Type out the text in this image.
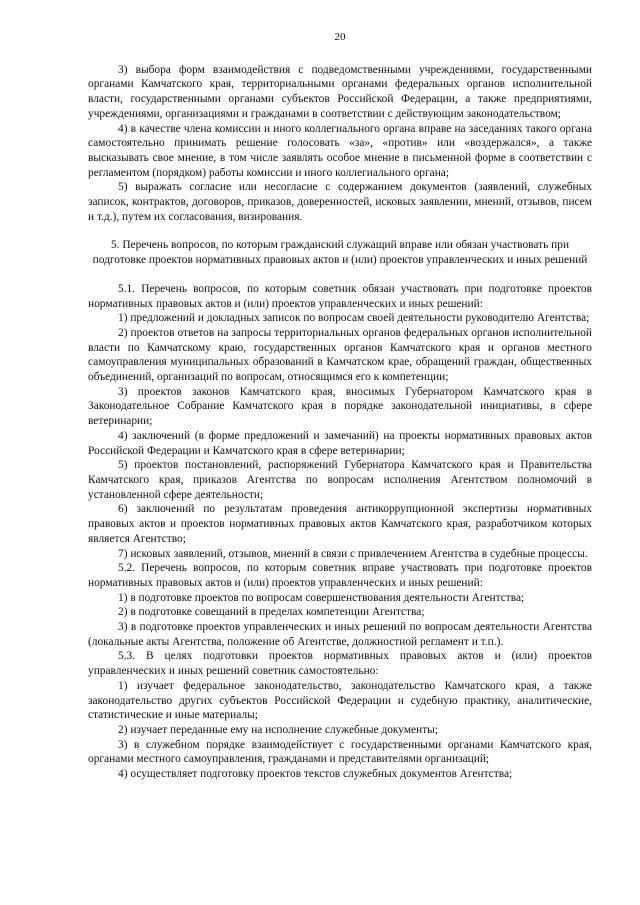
20

3) выбора форм взаимодействия с подведомственными учреждениями, государственными органами Камчатского края, территориальными органами федеральных органов исполнительной власти, государственными органами субъектов Российской Федерации, а также предприятиями, учреждениями, организациями и гражданами в соответствии с действующим законодательством;

4) в качестве члена комиссии и иного коллегиального органа вправе на заседаниях такого органа самостоятельно принимать решение голосовать «за», «против» или «воздержался», а также высказывать свое мнение, в том числе заявлять особое мнение в письменной форме в соответствии с регламентом (порядком) работы комиссии и иного коллегиального органа;

5) выражать согласие или несогласие с содержанием документов (заявлений, служебных записок, контрактов, договоров, приказов, доверенностей, исковых заявлении, мнений, отзывов, писем и т.д.), путем их согласования, визирования.

5. Перечень вопросов, по которым гражданский служащий вправе или обязан участвовать при подготовке проектов нормативных правовых актов и (или) проектов управленческих и иных решений

5.1. Перечень вопросов, по которым советник обязан участвовать при подготовке проектов нормативных правовых актов и (или) проектов управленческих и иных решений:

1) предложений и докладных записок по вопросам своей деятельности руководителю Агентства;

2) проектов ответов на запросы территориальных органов федеральных органов исполнительной власти по Камчатскому краю, государственных органов Камчатского края и органов местного самоуправления муниципальных образований в Камчатском крае, обращений граждан, общественных объединений, организаций по вопросам, относящимся его к компетенции;

3) проектов законов Камчатского края, вносимых Губернатором Камчатского края в Законодательное Собрание Камчатского края в порядке законодательной инициативы, в сфере ветеринарии;

4) заключений (в форме предложений и замечаний) на проекты нормативных правовых актов Российской Федерации и Камчатского края в сфере ветеринарии;

5) проектов постановлений, распоряжений Губернатора Камчатского края и Правительства Камчатского края, приказов Агентства по вопросам исполнения Агентством полномочий в установленной сфере деятельности;

6) заключений по результатам проведения антикоррупционной экспертизы нормативных правовых актов и проектов нормативных правовых актов Камчатского края, разработчиком которых является Агентство;

7) исковых заявлений, отзывов, мнений в связи с привлечением Агентства в судебные процессы.

5.2. Перечень вопросов, по которым советник вправе участвовать при подготовке проектов нормативных правовых актов и (или) проектов управленческих и иных решений:

1) в подготовке проектов по вопросам совершенствования деятельности Агентства;

2) в подготовке совещаний в пределах компетенции Агентства;

3) в подготовке проектов управленческих и иных решений по вопросам деятельности Агентства (локальные акты Агентства, положение об Агентстве, должностной регламент и т.п.).

5.3. В целях подготовки проектов нормативных правовых актов и (или) проектов управленческих и иных решений советник самостоятельно:

1) изучает федеральное законодательство, законодательство Камчатского края, а также законодательство других субъектов Российской Федерации и судебную практику, аналитические, статистические и иные материалы;

2) изучает переданные ему на исполнение служебные документы;

3) в служебном порядке взаимодействует с государственными органами Камчатского края, органами местного самоуправления, гражданами и представителями организаций;

4) осуществляет подготовку проектов текстов служебных документов Агентства;
